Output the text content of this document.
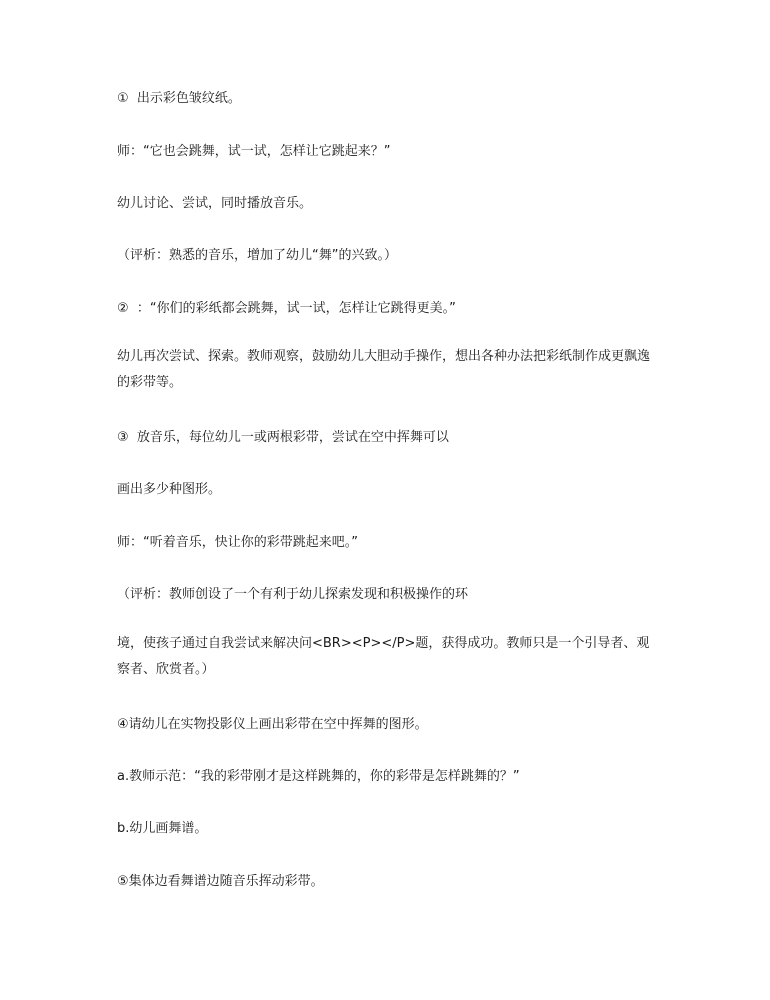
①  出示彩色皱纹纸。

师：“它也会跳舞，试一试，怎样让它跳起来？”

幼儿讨论、尝试，同时播放音乐。

（评析：熟悉的音乐，增加了幼儿“舞”的兴致。）

②  ：“你们的彩纸都会跳舞，试一试，怎样让它跳得更美。”

幼儿再次尝试、探索。教师观察，鼓励幼儿大胆动手操作，想出各种办法把彩纸制作成更飘逸的彩带等。

③  放音乐，每位幼儿一或两根彩带，尝试在空中挥舞可以

画出多少种图形。

师：“听着音乐，快让你的彩带跳起来吧。”

（评析：教师创设了一个有利于幼儿探索发现和积极操作的环

境，使孩子通过自我尝试来解决问<BR><P></P>题，获得成功。教师只是一个引导者、观察者、欣赏者。）

④请幼儿在实物投影仪上画出彩带在空中挥舞的图形。

a.教师示范：“我的彩带刚才是这样跳舞的，你的彩带是怎样跳舞的？”

b.幼儿画舞谱。

⑤集体边看舞谱边随音乐挥动彩带。
